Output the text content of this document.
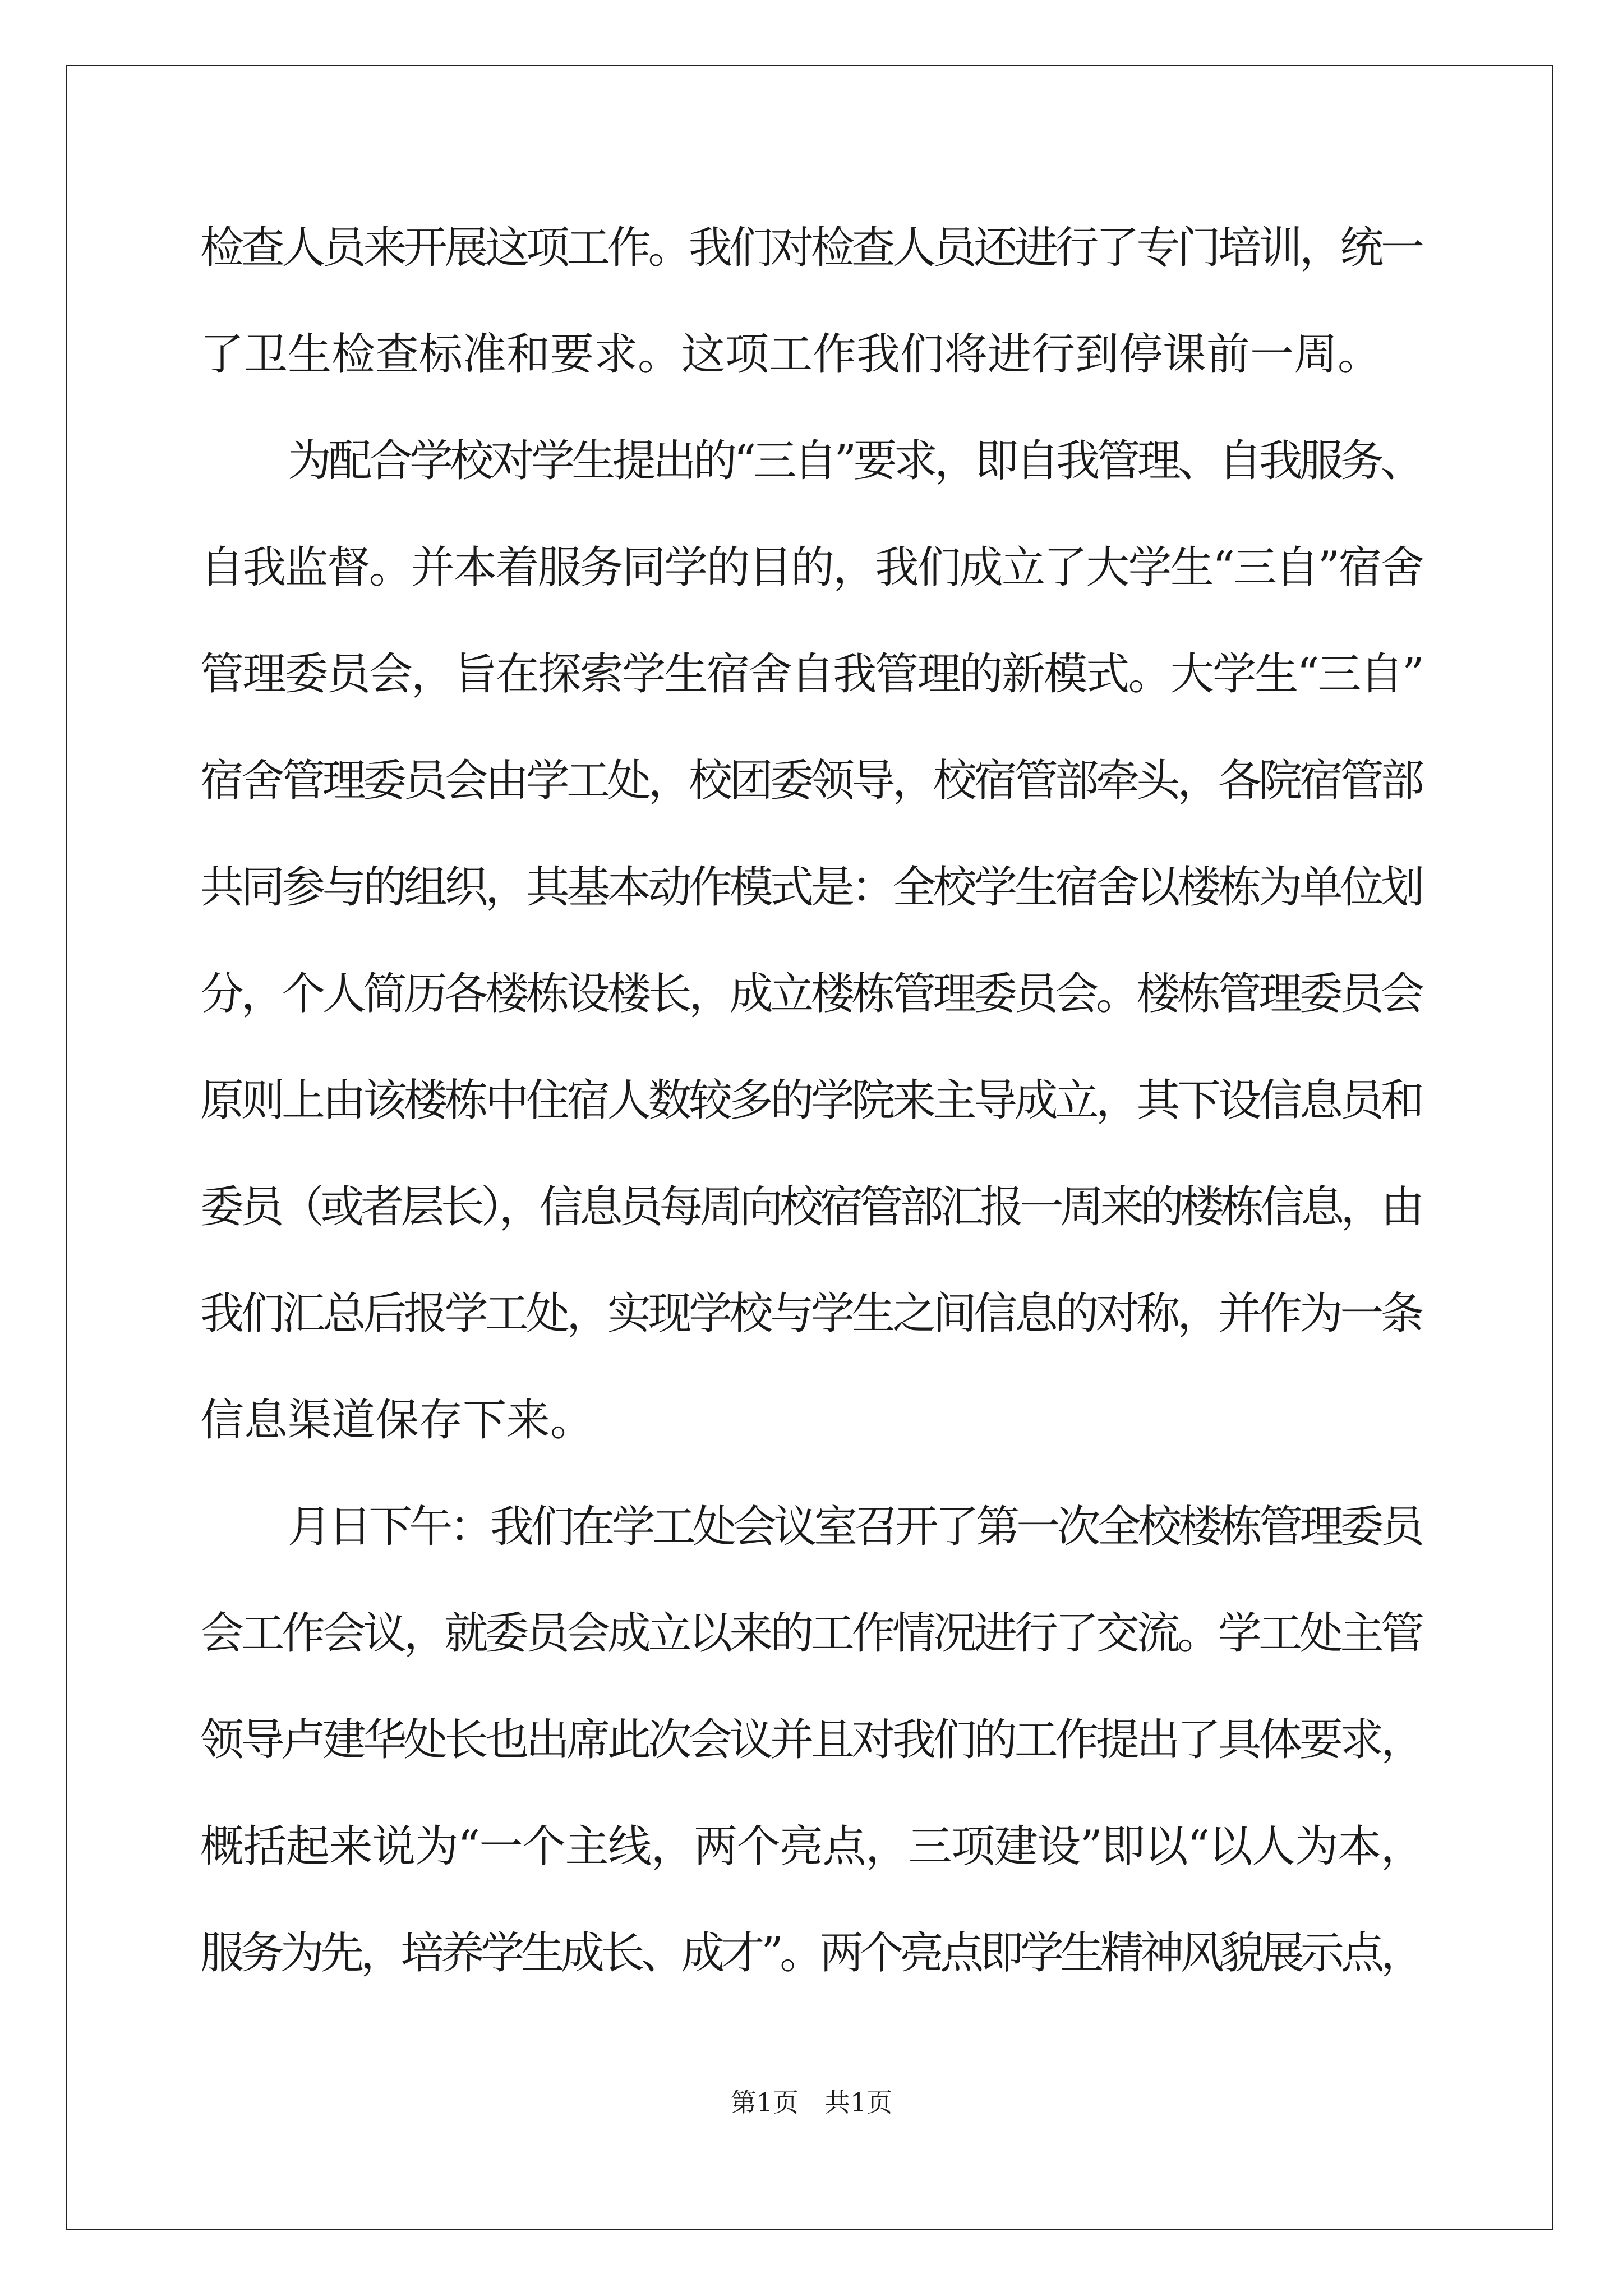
检查人员来开展这项工作。我们对检查人员还进行了专门培训，统一
了卫生检查标准和要求。这项工作我们将进行到停课前一周。
为配合学校对学生提出的“三自”要求，即自我管理、自我服务、
自我监督。并本着服务同学的目的，我们成立了大学生“三自”宿舍
管理委员会，旨在探索学生宿舍自我管理的新模式。大学生“三自”
宿舍管理委员会由学工处，校团委领导，校宿管部牵头，各院宿管部
共同参与的组织，其基本动作模式是：全校学生宿舍以楼栋为单位划
分，个人简历各楼栋设楼长，成立楼栋管理委员会。楼栋管理委员会
原则上由该楼栋中住宿人数较多的学院来主导成立，其下设信息员和
委员（或者层长），信息员每周向校宿管部汇报一周来的楼栋信息，由
我们汇总后报学工处，实现学校与学生之间信息的对称，并作为一条
信息渠道保存下来。
月日下午：我们在学工处会议室召开了第一次全校楼栋管理委员
会工作会议，就委员会成立以来的工作情况进行了交流。学工处主管
领导卢建华处长也出席此次会议并且对我们的工作提出了具体要求，
概括起来说为“一个主线，两个亮点，三项建设”即以“以人为本，
服务为先，培养学生成长、成才”。两个亮点即学生精神风貌展示点，
第1页　共1页
